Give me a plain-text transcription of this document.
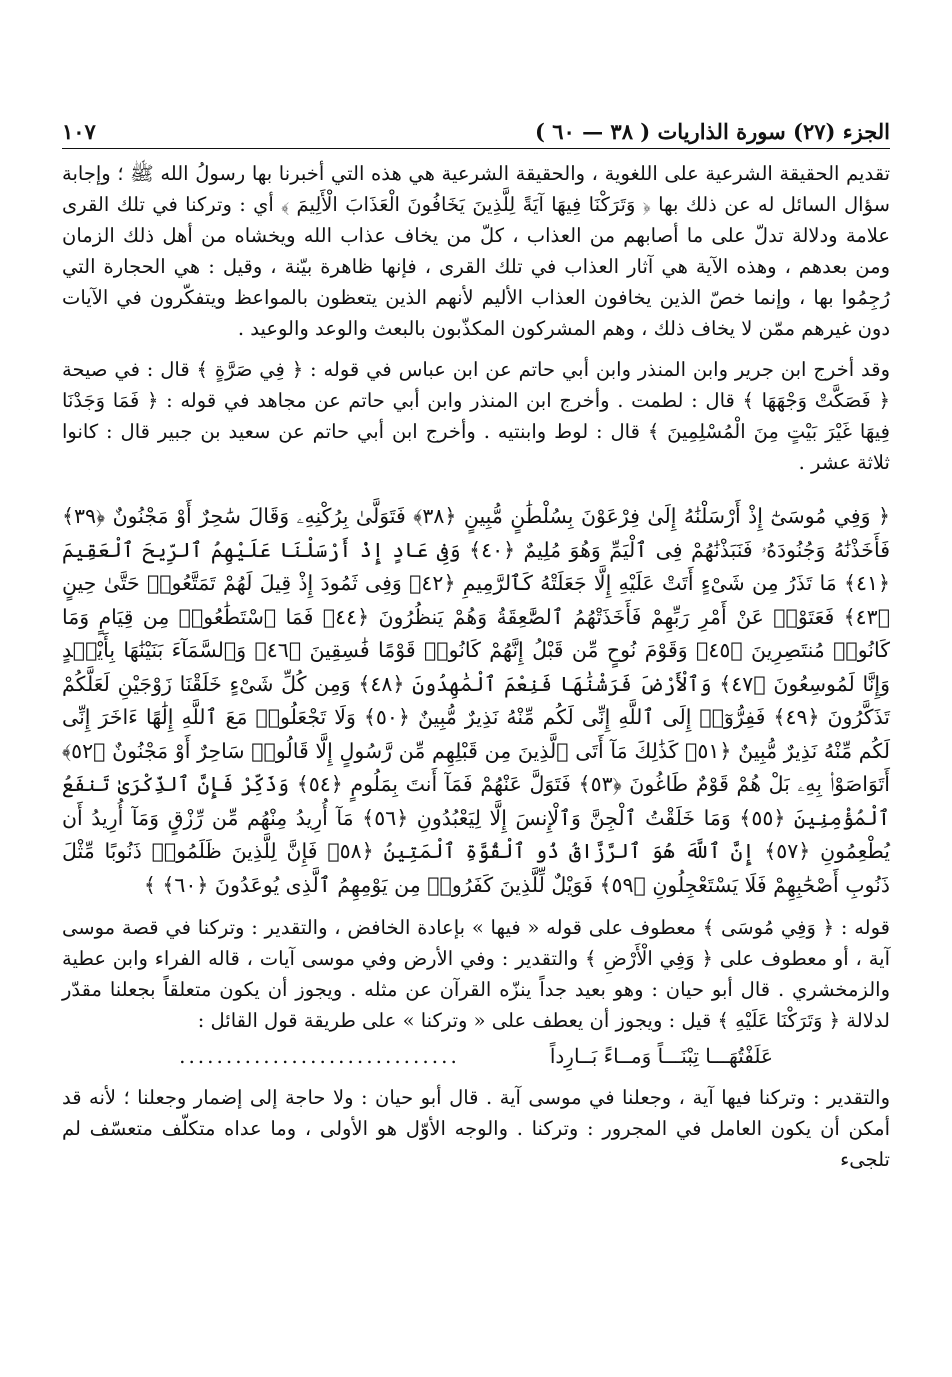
الجزء (٢٧) سورة الذاريات ( ٣٨ — ٦٠ )
١٠٧

تقديم الحقيقة الشرعية على اللغوية ، والحقيقة الشرعية هي هذه التي أخبرنا بها رسولُ الله ﷺ ؛ وإجابة سؤال السائل له عن ذلك بها ﴿ وَتَرَكْنَا فِيهَا آيَةً لِلَّذِينَ يَخَافُونَ الْعَذَابَ الْأَلِيمَ ﴾ أي : وتركنا في تلك القرى علامة ودلالة تدلّ على ما أصابهم من العذاب ، كلّ من يخاف عذاب الله ويخشاه من أهل ذلك الزمان ومن بعدهم ، وهذه الآية هي آثار العذاب في تلك القرى ، فإنها ظاهرة بيّنة ، وقيل : هي الحجارة التي رُجِمُوا بها ، وإنما خصّ الذين يخافون العذاب الأليم لأنهم الذين يتعظون بالمواعظ ويتفكّرون في الآيات دون غيرهم ممّن لا يخاف ذلك ، وهم المشركون المكذّبون بالبعث والوعد والوعيد .

وقد أخرج ابن جرير وابن المنذر وابن أبي حاتم عن ابن عباس في قوله : ﴿ فِي صَرَّةٍ ﴾ قال : في صيحة ﴿ فَصَكَّتْ وَجْهَهَا ﴾ قال : لطمت . وأخرج ابن المنذر وابن أبي حاتم عن مجاهد في قوله : ﴿ فَمَا وَجَدْنَا فِيهَا غَيْرَ بَيْتٍ مِنَ الْمُسْلِمِينَ ﴾ قال : لوط وابنتيه . وأخرج ابن أبي حاتم عن سعيد بن جبير قال : كانوا ثلاثة عشر .

﴿ وَفِي مُوسَىٰٓ إِذْ أَرْسَلْنَٰهُ إِلَىٰ فِرْعَوْنَ بِسُلْطَٰنٍ مُّبِينٍ ﴿٣٨﴾ فَتَوَلَّىٰ بِرُكْنِهِۦ وَقَالَ سَٰحِرٌ أَوْ مَجْنُونٌ ﴿٣٩﴾ فَأَخَذْنَٰهُ وَجُنُودَهُۥ فَنَبَذْنَٰهُمْ فِى ٱلْيَمِّ وَهُوَ مُلِيمٌ ﴿٤٠﴾ وَفِى عَادٍ إِذْ أَرْسَلْنَا عَلَيْهِمُ ٱلرِّيحَ ٱلْعَقِيمَ ﴿٤١﴾ مَا تَذَرُ مِن شَىْءٍ أَتَتْ عَلَيْهِ إِلَّا جَعَلَتْهُ كَٱلرَّمِيمِ ﴿٤٢﴾ وَفِى ثَمُودَ إِذْ قِيلَ لَهُمْ تَمَتَّعُوا۟ حَتَّىٰ حِينٍ ﴿٤٣﴾ فَعَتَوْا۟ عَنْ أَمْرِ رَبِّهِمْ فَأَخَذَتْهُمُ ٱلصَّٰعِقَةُ وَهُمْ يَنظُرُونَ ﴿٤٤﴾ فَمَا ٱسْتَطَٰعُوا۟ مِن قِيَامٍ وَمَا كَانُوا۟ مُنتَصِرِينَ ﴿٤٥﴾ وَقَوْمَ نُوحٍ مِّن قَبْلُ إِنَّهُمْ كَانُوا۟ قَوْمًا فَٰسِقِينَ ﴿٤٦﴾ وَٱلسَّمَآءَ بَنَيْنَٰهَا بِأَيْي۟دٍ وَإِنَّا لَمُوسِعُونَ ﴿٤٧﴾ وَٱلْأَرْضَ فَرَشْنَٰهَا فَنِعْمَ ٱلْمَٰهِدُونَ ﴿٤٨﴾ وَمِن كُلِّ شَىْءٍ خَلَقْنَا زَوْجَيْنِ لَعَلَّكُمْ تَذَكَّرُونَ ﴿٤٩﴾ فَفِرُّوٓا۟ إِلَى ٱللَّهِ إِنِّى لَكُم مِّنْهُ نَذِيرٌ مُّبِينٌ ﴿٥٠﴾ وَلَا تَجْعَلُوا۟ مَعَ ٱللَّهِ إِلَٰهًا ءَاخَرَ إِنِّى لَكُم مِّنْهُ نَذِيرٌ مُّبِينٌ ﴿٥١﴾ كَذَٰلِكَ مَآ أَتَى ٱلَّذِينَ مِن قَبْلِهِم مِّن رَّسُولٍ إِلَّا قَالُوا۟ سَاحِرٌ أَوْ مَجْنُونٌ ﴿٥٢﴾ أَتَوَاصَوْا۟ بِهِۦ بَلْ هُمْ قَوْمٌ طَاغُونَ ﴿٥٣﴾ فَتَوَلَّ عَنْهُمْ فَمَآ أَنتَ بِمَلُومٍ ﴿٥٤﴾ وَذَكِّرْ فَإِنَّ ٱلذِّكْرَىٰ تَنفَعُ ٱلْمُؤْمِنِينَ ﴿٥٥﴾ وَمَا خَلَقْتُ ٱلْجِنَّ وَٱلْإِنسَ إِلَّا لِيَعْبُدُونِ ﴿٥٦﴾ مَآ أُرِيدُ مِنْهُم مِّن رِّزْقٍ وَمَآ أُرِيدُ أَن يُطْعِمُونِ ﴿٥٧﴾ إِنَّ ٱللَّهَ هُوَ ٱلرَّزَّاقُ ذُو ٱلْقُوَّةِ ٱلْمَتِينُ ﴿٥٨﴾ فَإِنَّ لِلَّذِينَ ظَلَمُوا۟ ذَنُوبًا مِّثْلَ ذَنُوبِ أَصْحَٰبِهِمْ فَلَا يَسْتَعْجِلُونِ ﴿٥٩﴾ فَوَيْلٌ لِّلَّذِينَ كَفَرُوا۟ مِن يَوْمِهِمُ ٱلَّذِى يُوعَدُونَ ﴿٦٠﴾ ﴾

قوله : ﴿ وَفِي مُوسَى ﴾ معطوف على قوله « فيها » بإعادة الخافض ، والتقدير : وتركنا في قصة موسى آية ، أو معطوف على ﴿ وَفِي الْأَرْضِ ﴾ والتقدير : وفي الأرض وفي موسى آيات ، قاله الفراء وابن عطية والزمخشري . قال أبو حيان : وهو بعيد جداً ينزّه القرآن عن مثله . ويجوز أن يكون متعلقاً بجعلنا مقدّر لدلالة ﴿ وَتَرَكْنَا عَلَيْهِ ﴾ قيل : ويجوز أن يعطف على « وتركنا » على طريقة قول القائل :

عَلَفْتُهَـــا تِبْنَـــاً وَمــاءً بَــارِداً
..............................

والتقدير : وتركنا فيها آية ، وجعلنا في موسى آية . قال أبو حيان : ولا حاجة إلى إضمار وجعلنا ؛ لأنه قد أمكن أن يكون العامل في المجرور : وتركنا . والوجه الأوّل هو الأولى ، وما عداه متكلّف متعسّف لم تلجىء
